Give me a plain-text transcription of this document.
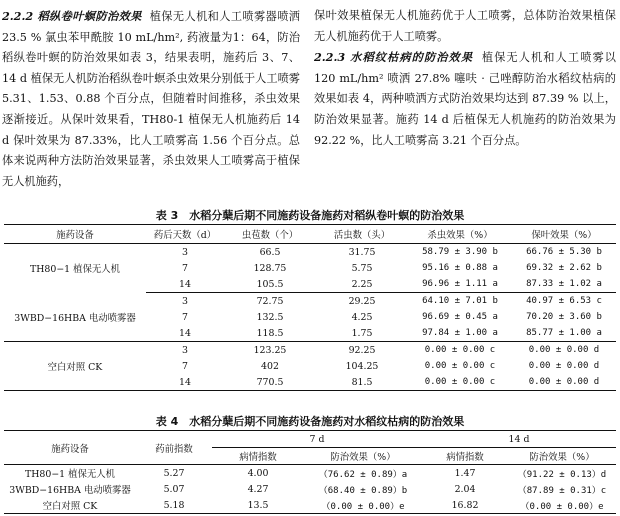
2.2.2 稻纵卷叶螟防治效果 植保无人机和人工喷雾器喷洒 23.5 % 氯虫苯甲酰胺 10 mL/hm², 药液量为1：64，防治稻纵卷叶螟的防治效果如表 3，结果表明，施药后 3、7、14 d 植保无人机防治稻纵卷叶螟杀虫效果分别低于人工喷雾 5.31、1.53、0.88 个百分点，但随着时间推移，杀虫效果逐渐接近。从保叶效果看，TH80-1 植保无人机施药后 14 d 保叶效果为 87.33%，比人工喷雾高 1.56 个百分点。总体来说两种方法防治效果显著，杀虫效果人工喷雾高于植保无人机施药，

保叶效果植保无人机施药优于人工喷雾，总体防治效果植保无人机施药优于人工喷雾。

2.2.3 水稻纹枯病的防治效果 植保无人机和人工喷雾以 120 mL/hm² 喷洒 27.8% 噻呋 · 己唑醇防治水稻纹枯病的效果如表 4，两种喷洒方式防治效果均达到 87.39 % 以上，防治效果显著。施药 14 d 后植保无人机施药的防治效果为 92.22 %，比人工喷雾高 3.21 个百分点。

表 3　水稻分蘖后期不同施药设备施药对稻纵卷叶螟的防治效果
施药设备	药后天数（d）	虫苞数（个）	活虫数（头）	杀虫效果（%）	保叶效果（%）
TH80−1 植保无人机	3	66.5	31.75	58.79 ± 3.90 b	66.76 ± 5.30 b
	7	128.75	5.75	95.16 ± 0.88 a	69.32 ± 2.62 b
	14	105.5	2.25	96.96 ± 1.11 a	87.33 ± 1.02 a
3WBD−16HBA 电动喷雾器	3	72.75	29.25	64.10 ± 7.01 b	40.97 ± 6.53 c
	7	132.5	4.25	96.69 ± 0.45 a	70.20 ± 3.60 b
	14	118.5	1.75	97.84 ± 1.00 a	85.77 ± 1.00 a
空白对照 CK	3	123.25	92.25	0.00 ± 0.00 c	0.00 ± 0.00 d
	7	402	104.25	0.00 ± 0.00 c	0.00 ± 0.00 d
	14	770.5	81.5	0.00 ± 0.00 c	0.00 ± 0.00 d
表 4　水稻分蘖后期不同施药设备施药对水稻纹枯病的防治效果
施药设备	药前指数	7 d		14 d	
		病情指数	防治效果（%）	病情指数	防治效果（%）
TH80−1 植保无人机	5.27	4.00	（76.62 ± 0.89）a	1.47	（91.22 ± 0.13）d
3WBD−16HBA 电动喷雾器	5.07	4.27	（68.40 ± 0.89）b	2.04	（87.89 ± 0.31）c
空白对照 CK	5.18	13.5	（0.00 ± 0.00）e	16.82	（0.00 ± 0.00）e
